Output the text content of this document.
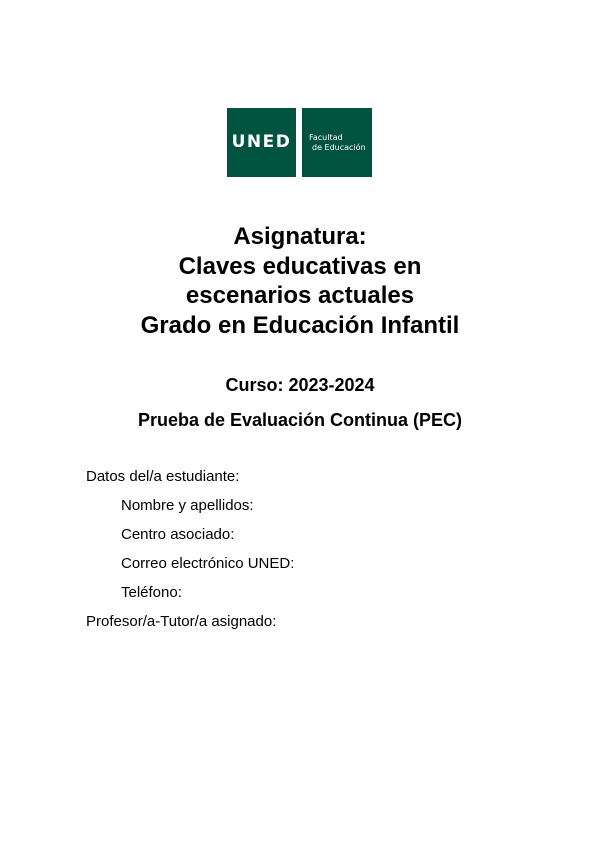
UNED Facultad
de Educación
Asignatura:
Claves educativas en
escenarios actuales
Grado en Educación Infantil
Curso: 2023-2024
Prueba de Evaluación Continua (PEC)
Datos del/a estudiante:
Nombre y apellidos:
Centro asociado:
Correo electrónico UNED:
Teléfono:
Profesor/a-Tutor/a asignado:
